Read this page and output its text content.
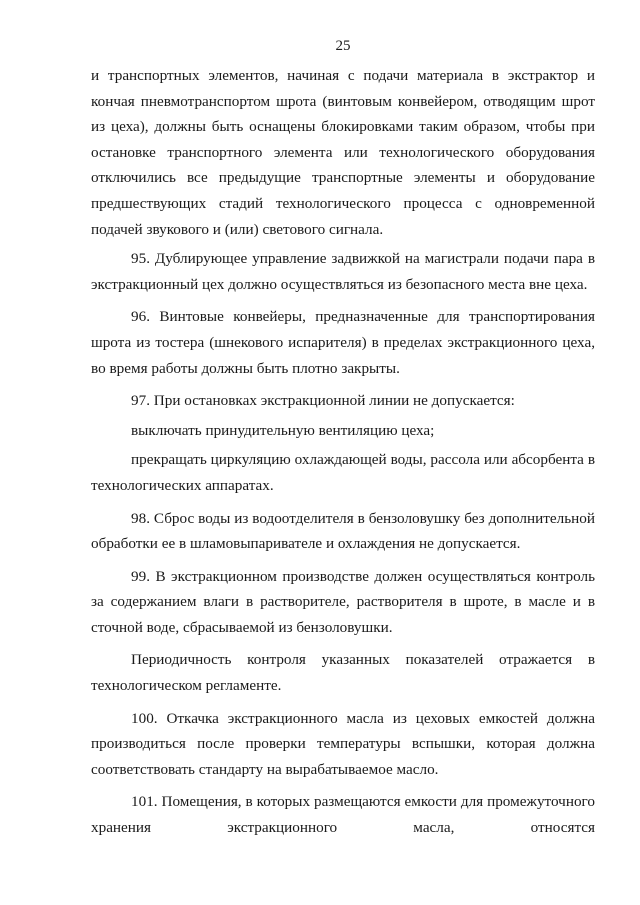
25

и транспортных элементов, начиная с подачи материала в экстрактор и кончая пневмотранспортом шрота (винтовым конвейером, отводящим шрот из цеха), должны быть оснащены блокировками таким образом, чтобы при остановке транспортного элемента или технологического оборудования отключились все предыдущие транспортные элементы и оборудование предшествующих стадий технологического процесса с одновременной подачей звукового и (или) светового сигнала.

95. Дублирующее управление задвижкой на магистрали подачи пара в экстракционный цех должно осуществляться из безопасного места вне цеха.

96. Винтовые конвейеры, предназначенные для транспортирования шрота из тостера (шнекового испарителя) в пределах экстракционного цеха, во время работы должны быть плотно закрыты.

97. При остановках экстракционной линии не допускается:

выключать принудительную вентиляцию цеха;

прекращать циркуляцию охлаждающей воды, рассола или абсорбента в технологических аппаратах.

98. Сброс воды из водоотделителя в бензоловушку без дополнительной обработки ее в шламовыпаривателе и охлаждения не допускается.

99. В экстракционном производстве должен осуществляться контроль за содержанием влаги в растворителе, растворителя в шроте, в масле и в сточной воде, сбрасываемой из бензоловушки.

Периодичность контроля указанных показателей отражается в технологическом регламенте.

100. Откачка экстракционного масла из цеховых емкостей должна производиться после проверки температуры вспышки, которая должна соответствовать стандарту на вырабатываемое масло.

101. Помещения, в которых размещаются емкости для промежуточного хранения экстракционного масла, относятся
